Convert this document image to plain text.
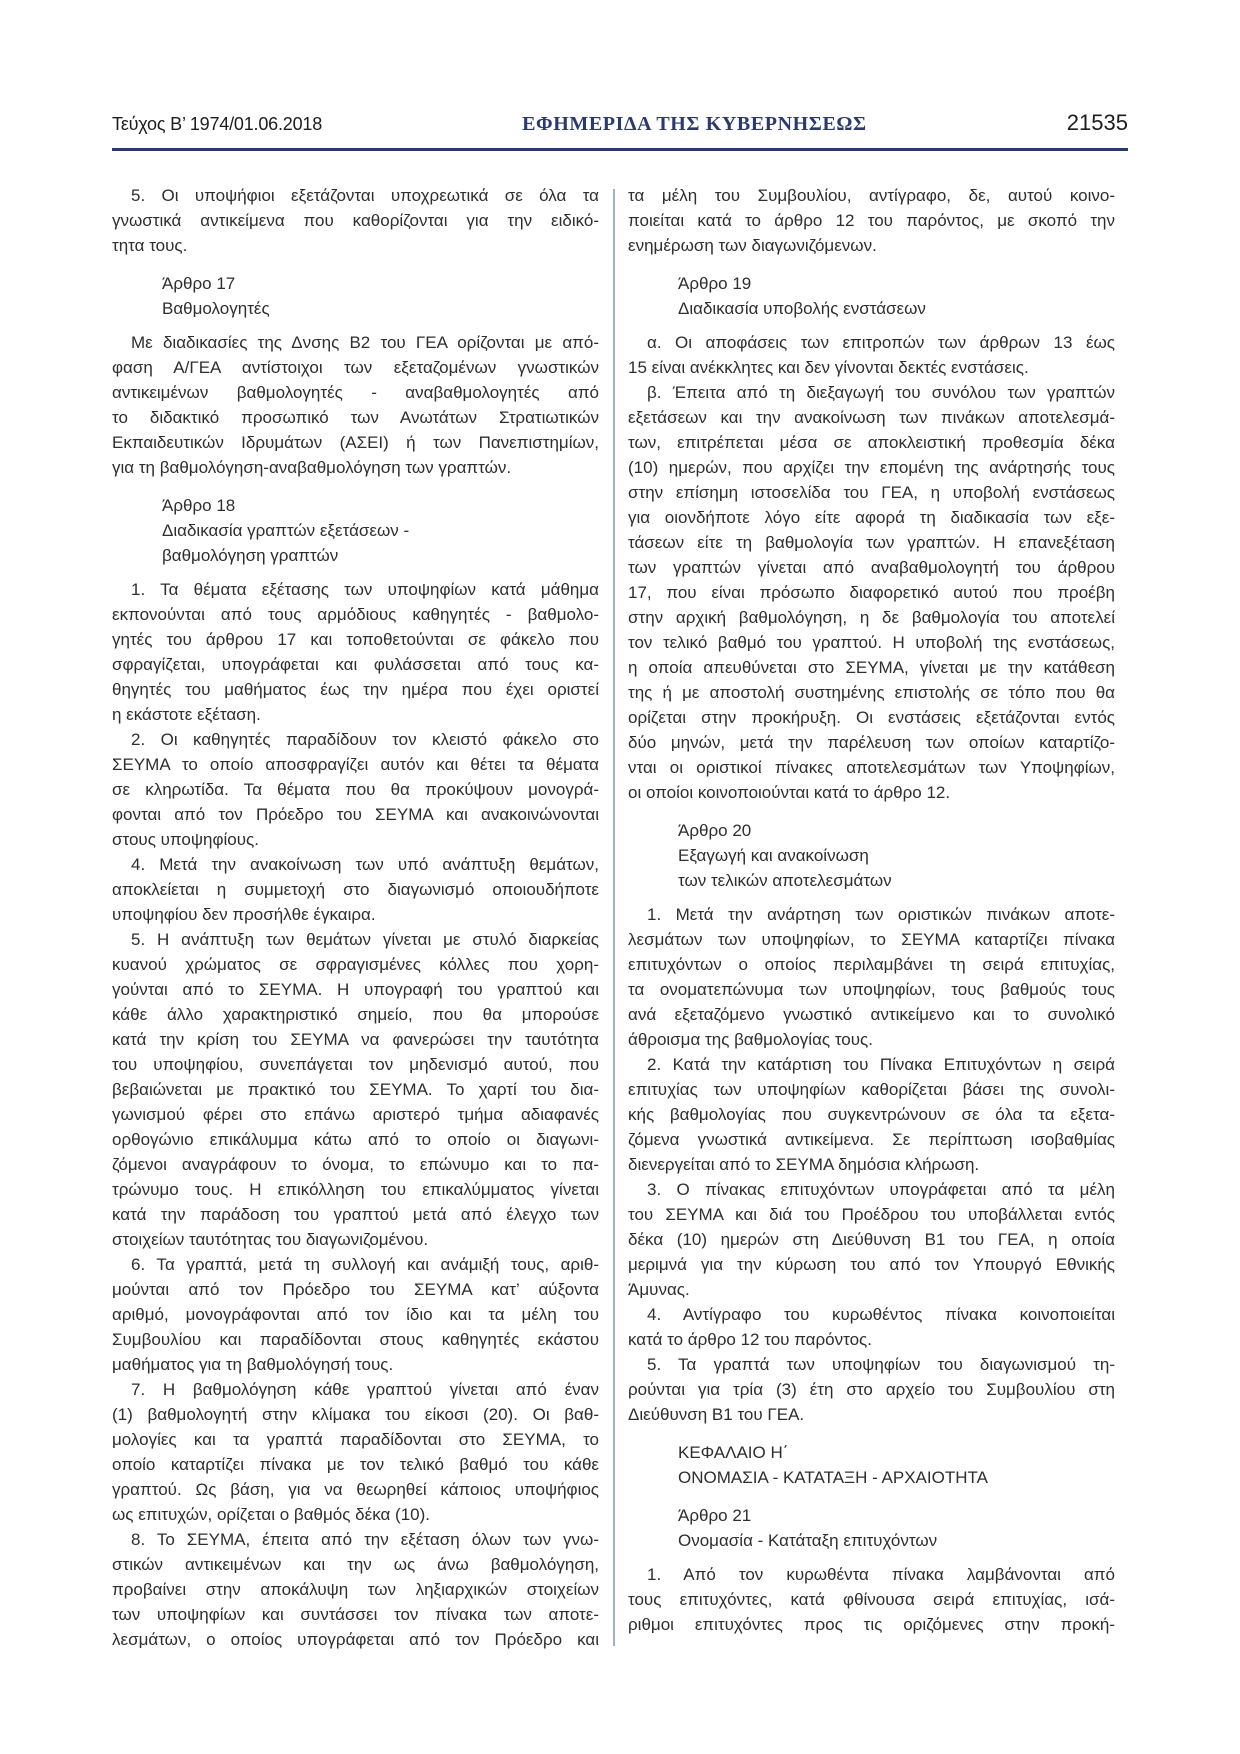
Τεύχος Β’ 1974/01.06.2018	ΕΦΗΜΕΡΙΔΑ ΤΗΣ ΚΥΒΕΡΝΗΣΕΩΣ	21535
5. Οι υποψήφιοι εξετάζονται υποχρεωτικά σε όλα τα
γνωστικά αντικείμενα που καθορίζονται για την ειδικό-
τητα τους.
Άρθρο 17
Βαθμολογητές
Με διαδικασίες της Δνσης Β2 του ΓΕΑ ορίζονται με από-
φαση Α/ΓΕΑ αντίστοιχοι των εξεταζομένων γνωστικών
αντικειμένων βαθμολογητές - αναβαθμολογητές από
το διδακτικό προσωπικό των Ανωτάτων Στρατιωτικών
Εκπαιδευτικών Ιδρυμάτων (ΑΣΕΙ) ή των Πανεπιστημίων,
για τη βαθμολόγηση-αναβαθμολόγηση των γραπτών.
Άρθρο 18
Διαδικασία γραπτών εξετάσεων -
βαθμολόγηση γραπτών
1. Τα θέματα εξέτασης των υποψηφίων κατά μάθημα
εκπονούνται από τους αρμόδιους καθηγητές - βαθμολο-
γητές του άρθρου 17 και τοποθετούνται σε φάκελο που
σφραγίζεται, υπογράφεται και φυλάσσεται από τους κα-
θηγητές του μαθήματος έως την ημέρα που έχει οριστεί
η εκάστοτε εξέταση.
2. Οι καθηγητές παραδίδουν τον κλειστό φάκελο στο
ΣΕΥΜΑ το οποίο αποσφραγίζει αυτόν και θέτει τα θέματα
σε κληρωτίδα. Τα θέματα που θα προκύψουν μονογρά-
φονται από τον Πρόεδρο του ΣΕΥΜΑ και ανακοινώνονται
στους υποψηφίους.
4. Μετά την ανακοίνωση των υπό ανάπτυξη θεμάτων,
αποκλείεται η συμμετοχή στο διαγωνισμό οποιουδήποτε
υποψηφίου δεν προσήλθε έγκαιρα.
5. Η ανάπτυξη των θεμάτων γίνεται με στυλό διαρκείας
κυανού χρώματος σε σφραγισμένες κόλλες που χορη-
γούνται από το ΣΕΥΜΑ. Η υπογραφή του γραπτού και
κάθε άλλο χαρακτηριστικό σημείο, που θα μπορούσε
κατά την κρίση του ΣΕΥΜΑ να φανερώσει την ταυτότητα
του υποψηφίου, συνεπάγεται τον μηδενισμό αυτού, που
βεβαιώνεται με πρακτικό του ΣΕΥΜΑ. Το χαρτί του δια-
γωνισμού φέρει στο επάνω αριστερό τμήμα αδιαφανές
ορθογώνιο επικάλυμμα κάτω από το οποίο οι διαγωνι-
ζόμενοι αναγράφουν το όνομα, το επώνυμο και το πα-
τρώνυμο τους. Η επικόλληση του επικαλύμματος γίνεται
κατά την παράδοση του γραπτού μετά από έλεγχο των
στοιχείων ταυτότητας του διαγωνιζομένου.
6. Τα γραπτά, μετά τη συλλογή και ανάμιξή τους, αριθ-
μούνται από τον Πρόεδρο του ΣΕΥΜΑ κατ’ αύξοντα
αριθμό, μονογράφονται από τον ίδιο και τα μέλη του
Συμβουλίου και παραδίδονται στους καθηγητές εκάστου
μαθήματος για τη βαθμολόγησή τους.
7. Η βαθμολόγηση κάθε γραπτού γίνεται από έναν
(1) βαθμολογητή στην κλίμακα του είκοσι (20). Οι βαθ-
μολογίες και τα γραπτά παραδίδονται στο ΣΕΥΜΑ, το
οποίο καταρτίζει πίνακα με τον τελικό βαθμό του κάθε
γραπτού. Ως βάση, για να θεωρηθεί κάποιος υποψήφιος
ως επιτυχών, ορίζεται ο βαθμός δέκα (10).
8. Το ΣΕΥΜΑ, έπειτα από την εξέταση όλων των γνω-
στικών αντικειμένων και την ως άνω βαθμολόγηση,
προβαίνει στην αποκάλυψη των ληξιαρχικών στοιχείων
των υποψηφίων και συντάσσει τον πίνακα των αποτε-
λεσμάτων, ο οποίος υπογράφεται από τον Πρόεδρο και
τα μέλη του Συμβουλίου, αντίγραφο, δε, αυτού κοινο-
ποιείται κατά το άρθρο 12 του παρόντος, με σκοπό την
ενημέρωση των διαγωνιζόμενων.
Άρθρο 19
Διαδικασία υποβολής ενστάσεων
α. Οι αποφάσεις των επιτροπών των άρθρων 13 έως
15 είναι ανέκκλητες και δεν γίνονται δεκτές ενστάσεις.
β. Έπειτα από τη διεξαγωγή του συνόλου των γραπτών
εξετάσεων και την ανακοίνωση των πινάκων αποτελεσμά-
των, επιτρέπεται μέσα σε αποκλειστική προθεσμία δέκα
(10) ημερών, που αρχίζει την επομένη της ανάρτησής τους
στην επίσημη ιστοσελίδα του ΓΕΑ, η υποβολή ενστάσεως
για οιονδήποτε λόγο είτε αφορά τη διαδικασία των εξε-
τάσεων είτε τη βαθμολογία των γραπτών. Η επανεξέταση
των γραπτών γίνεται από αναβαθμολογητή του άρθρου
17, που είναι πρόσωπο διαφορετικό αυτού που προέβη
στην αρχική βαθμολόγηση, η δε βαθμολογία του αποτελεί
τον τελικό βαθμό του γραπτού. Η υποβολή της ενστάσεως,
η οποία απευθύνεται στο ΣΕΥΜΑ, γίνεται με την κατάθεση
της ή με αποστολή συστημένης επιστολής σε τόπο που θα
ορίζεται στην προκήρυξη. Οι ενστάσεις εξετάζονται εντός
δύο μηνών, μετά την παρέλευση των οποίων καταρτίζο-
νται οι οριστικοί πίνακες αποτελεσμάτων των Υποψηφίων,
οι οποίοι κοινοποιούνται κατά το άρθρο 12.
Άρθρο 20
Εξαγωγή και ανακοίνωση
των τελικών αποτελεσμάτων
1. Μετά την ανάρτηση των οριστικών πινάκων αποτε-
λεσμάτων των υποψηφίων, το ΣΕΥΜΑ καταρτίζει πίνακα
επιτυχόντων ο οποίος περιλαμβάνει τη σειρά επιτυχίας,
τα ονοματεπώνυμα των υποψηφίων, τους βαθμούς τους
ανά εξεταζόμενο γνωστικό αντικείμενο και το συνολικό
άθροισμα της βαθμολογίας τους.
2. Κατά την κατάρτιση του Πίνακα Επιτυχόντων η σειρά
επιτυχίας των υποψηφίων καθορίζεται βάσει της συνολι-
κής βαθμολογίας που συγκεντρώνουν σε όλα τα εξετα-
ζόμενα γνωστικά αντικείμενα. Σε περίπτωση ισοβαθμίας
διενεργείται από το ΣΕΥΜΑ δημόσια κλήρωση.
3. Ο πίνακας επιτυχόντων υπογράφεται από τα μέλη
του ΣΕΥΜΑ και διά του Προέδρου του υποβάλλεται εντός
δέκα (10) ημερών στη Διεύθυνση Β1 του ΓΕΑ, η οποία
μεριμνά για την κύρωση του από τον Υπουργό Εθνικής
Άμυνας.
4. Αντίγραφο του κυρωθέντος πίνακα κοινοποιείται
κατά το άρθρο 12 του παρόντος.
5. Τα γραπτά των υποψηφίων του διαγωνισμού τη-
ρούνται για τρία (3) έτη στο αρχείο του Συμβουλίου στη
Διεύθυνση Β1 του ΓΕΑ.
ΚΕΦΑΛΑΙΟ Η΄
ΟΝΟΜΑΣΙΑ - ΚΑΤΑΤΑΞΗ - ΑΡΧΑΙΟΤΗΤΑ
Άρθρο 21
Ονομασία - Κατάταξη επιτυχόντων
1. Από τον κυρωθέντα πίνακα λαμβάνονται από
τους επιτυχόντες, κατά φθίνουσα σειρά επιτυχίας, ισά-
ριθμοι επιτυχόντες προς τις οριζόμενες στην προκή-
